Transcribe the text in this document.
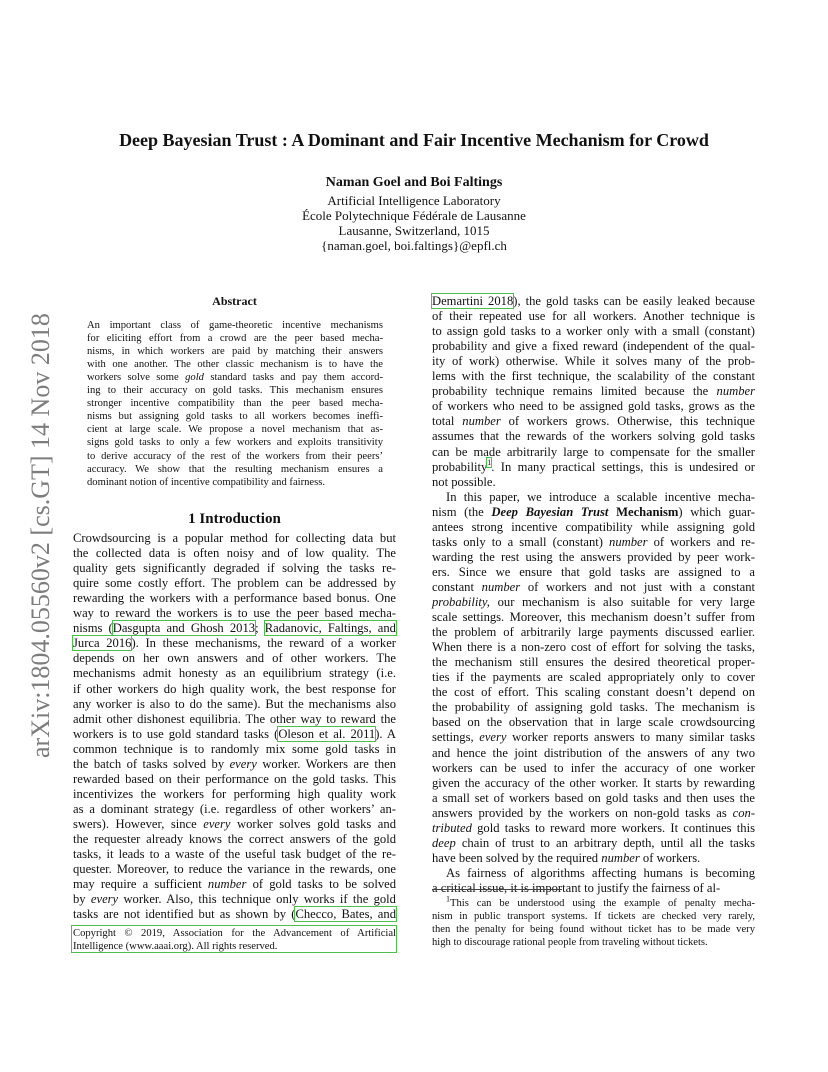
arXiv:1804.05560v2 [cs.GT] 14 Nov 2018
Deep Bayesian Trust : A Dominant and Fair Incentive Mechanism for Crowd
Naman Goel and Boi Faltings
Artificial Intelligence Laboratory
École Polytechnique Fédérale de Lausanne
Lausanne, Switzerland, 1015
{naman.goel, boi.faltings}@epfl.ch
Abstract
An important class of game-theoretic incentive mechanisms
for eliciting effort from a crowd are the peer based mecha-
nisms, in which workers are paid by matching their answers
with one another. The other classic mechanism is to have the
workers solve some gold standard tasks and pay them accord-
ing to their accuracy on gold tasks. This mechanism ensures
stronger incentive compatibility than the peer based mecha-
nisms but assigning gold tasks to all workers becomes ineffi-
cient at large scale. We propose a novel mechanism that as-
signs gold tasks to only a few workers and exploits transitivity
to derive accuracy of the rest of the workers from their peers’
accuracy. We show that the resulting mechanism ensures a
dominant notion of incentive compatibility and fairness.
1 Introduction
Crowdsourcing is a popular method for collecting data but
the collected data is often noisy and of low quality. The
quality gets significantly degraded if solving the tasks re-
quire some costly effort. The problem can be addressed by
rewarding the workers with a performance based bonus. One
way to reward the workers is to use the peer based mecha-
nisms (Dasgupta and Ghosh 2013; Radanovic, Faltings, and
Jurca 2016). In these mechanisms, the reward of a worker
depends on her own answers and of other workers. The
mechanisms admit honesty as an equilibrium strategy (i.e.
if other workers do high quality work, the best response for
any worker is also to do the same). But the mechanisms also
admit other dishonest equilibria. The other way to reward the
workers is to use gold standard tasks (Oleson et al. 2011). A
common technique is to randomly mix some gold tasks in
the batch of tasks solved by every worker. Workers are then
rewarded based on their performance on the gold tasks. This
incentivizes the workers for performing high quality work
as a dominant strategy (i.e. regardless of other workers’ an-
swers). However, since every worker solves gold tasks and
the requester already knows the correct answers of the gold
tasks, it leads to a waste of the useful task budget of the re-
quester. Moreover, to reduce the variance in the rewards, one
may require a sufficient number of gold tasks to be solved
by every worker. Also, this technique only works if the gold
tasks are not identified but as shown by (Checco, Bates, and
Copyright © 2019, Association for the Advancement of Artificial
Intelligence (www.aaai.org). All rights reserved.
Demartini 2018), the gold tasks can be easily leaked because
of their repeated use for all workers. Another technique is
to assign gold tasks to a worker only with a small (constant)
probability and give a fixed reward (independent of the qual-
ity of work) otherwise. While it solves many of the prob-
lems with the first technique, the scalability of the constant
probability technique remains limited because the number
of workers who need to be assigned gold tasks, grows as the
total number of workers grows. Otherwise, this technique
assumes that the rewards of the workers solving gold tasks
can be made arbitrarily large to compensate for the smaller
probability$^1$. In many practical settings, this is undesired or
not possible.
In this paper, we introduce a scalable incentive mecha-
nism (the Deep Bayesian Trust Mechanism) which guar-
antees strong incentive compatibility while assigning gold
tasks only to a small (constant) number of workers and re-
warding the rest using the answers provided by peer work-
ers. Since we ensure that gold tasks are assigned to a
constant number of workers and not just with a constant
probability, our mechanism is also suitable for very large
scale settings. Moreover, this mechanism doesn’t suffer from
the problem of arbitrarily large payments discussed earlier.
When there is a non-zero cost of effort for solving the tasks,
the mechanism still ensures the desired theoretical proper-
ties if the payments are scaled appropriately only to cover
the cost of effort. This scaling constant doesn’t depend on
the probability of assigning gold tasks. The mechanism is
based on the observation that in large scale crowdsourcing
settings, every worker reports answers to many similar tasks
and hence the joint distribution of the answers of any two
workers can be used to infer the accuracy of one worker
given the accuracy of the other worker. It starts by rewarding
a small set of workers based on gold tasks and then uses the
answers provided by the workers on non-gold tasks as con-
tributed gold tasks to reward more workers. It continues this
deep chain of trust to an arbitrary depth, until all the tasks
have been solved by the required number of workers.
As fairness of algorithms affecting humans is becoming
a critical issue, it is important to justify the fairness of al-
$^1$This can be understood using the example of penalty mecha-
nism in public transport systems. If tickets are checked very rarely,
then the penalty for being found without ticket has to be made very
high to discourage rational people from traveling without tickets.
